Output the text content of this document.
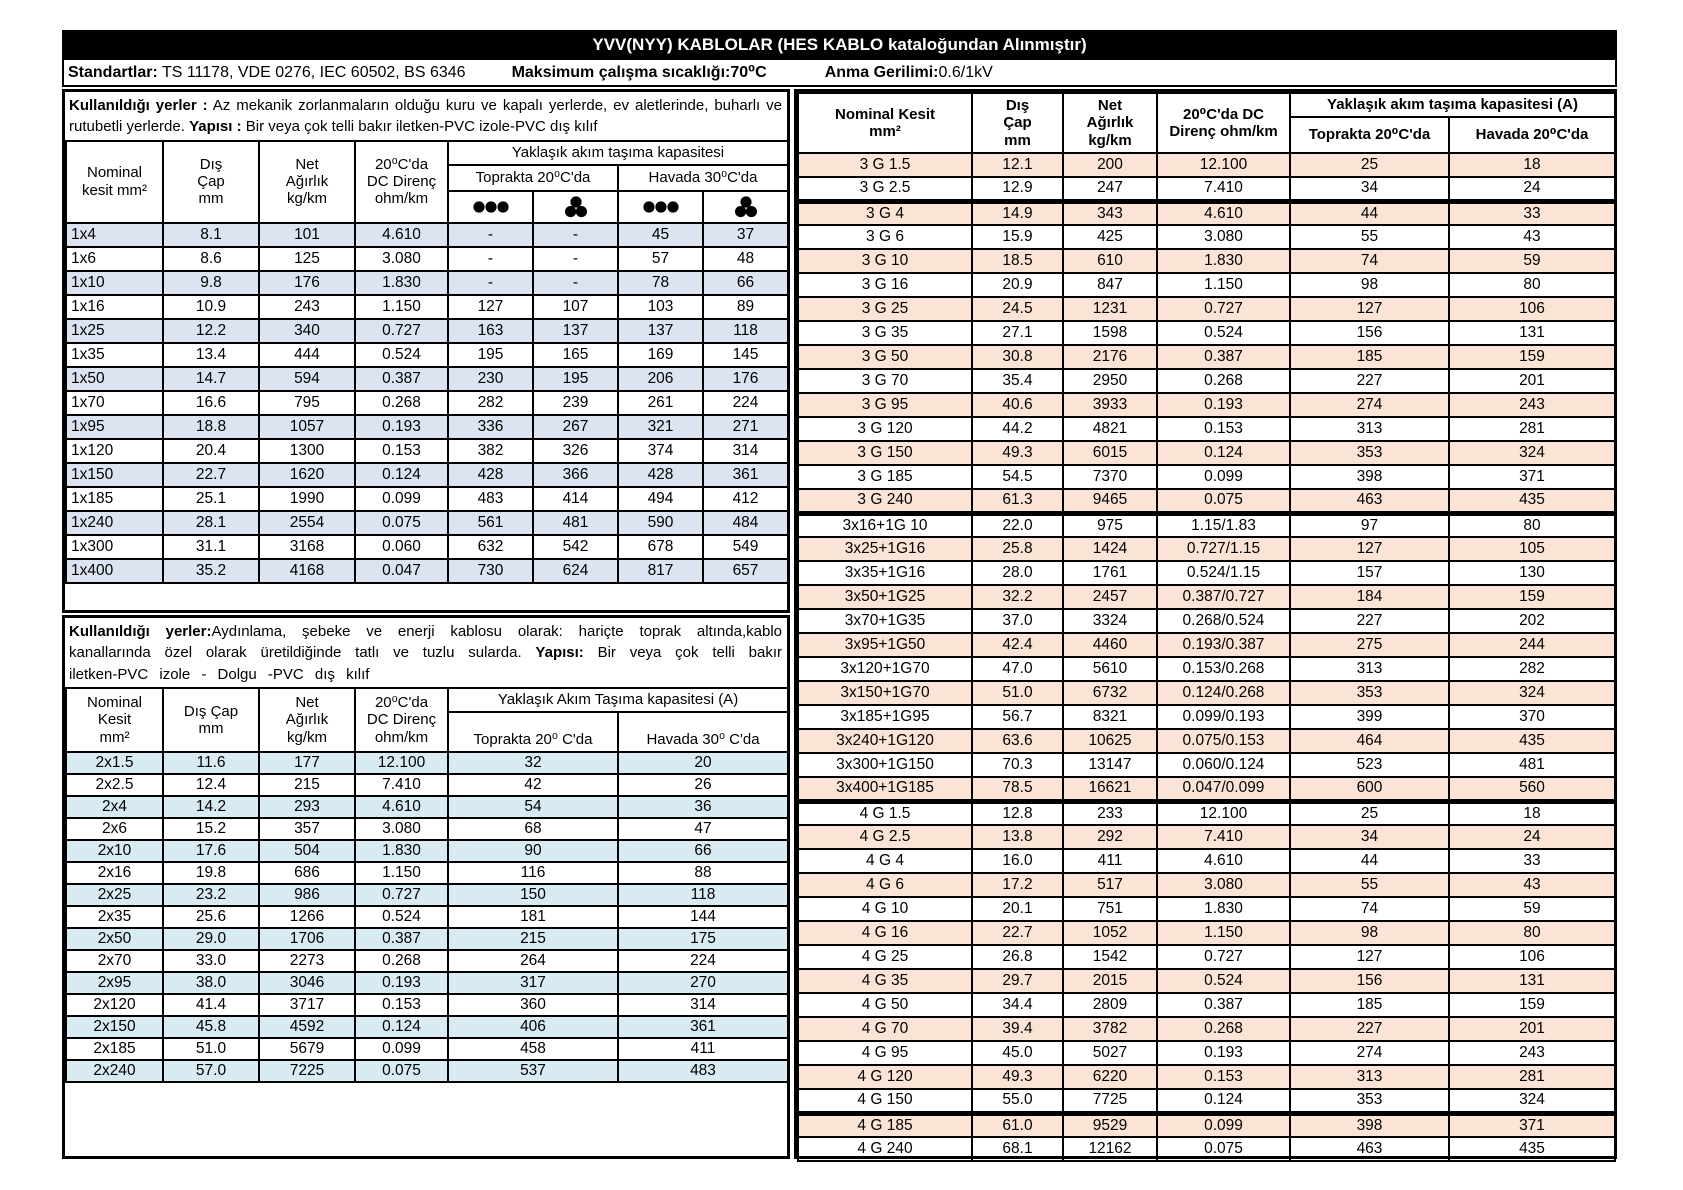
YVV(NYY) KABLOLAR (HES KABLO kataloğundan Alınmıştır)
Standartlar: TS 11178, VDE 0276, IEC 60502, BS 6346	Maksimum çalışma sıcaklığı:70⁰C	Anma Gerilimi:0.6/1kV

Kullanıldığı yerler : Az mekanik zorlanmaların olduğu kuru ve kapalı yerlerde, ev aletlerinde, buharlı ve rutubetli yerlerde. Yapısı : Bir veya çok telli bakır iletken-PVC izole-PVC dış kılıf

Nominal
kesit mm²	Dış
Çap
mm	Net
Ağırlık
kg/km	20⁰C'da
DC Direnç
ohm/km	Yaklaşık akım taşıma kapasitesi			
				Toprakta 20⁰C'da		Havada 30⁰C'da	

1x4	8.1	101	4.610	-	-	45	37
1x6	8.6	125	3.080	-	-	57	48
1x10	9.8	176	1.830	-	-	78	66
1x16	10.9	243	1.150	127	107	103	89
1x25	12.2	340	0.727	163	137	137	118
1x35	13.4	444	0.524	195	165	169	145
1x50	14.7	594	0.387	230	195	206	176
1x70	16.6	795	0.268	282	239	261	224
1x95	18.8	1057	0.193	336	267	321	271
1x120	20.4	1300	0.153	382	326	374	314
1x150	22.7	1620	0.124	428	366	428	361
1x185	25.1	1990	0.099	483	414	494	412
1x240	28.1	2554	0.075	561	481	590	484
1x300	31.1	3168	0.060	632	542	678	549
1x400	35.2	4168	0.047	730	624	817	657

Kullanıldığı yerler:Aydınlama, şebeke ve enerji kablosu olarak: hariçte toprak altında,kablo kanallarında özel olarak üretildiğinde tatlı ve tuzlu sularda. Yapısı: Bir veya çok telli bakır iletken-PVC izole - Dolgu -PVC dış kılıf

Nominal
Kesit
mm²	Dış Çap
mm	Net
Ağırlık
kg/km	20⁰C'da
DC Direnç
ohm/km	Yaklaşık Akım Taşıma kapasitesi (A)	
				Toprakta 20⁰ C'da	Havada 30⁰ C'da
2x1.5	11.6	177	12.100	32	20
2x2.5	12.4	215	7.410	42	26
2x4	14.2	293	4.610	54	36
2x6	15.2	357	3.080	68	47
2x10	17.6	504	1.830	90	66
2x16	19.8	686	1.150	116	88
2x25	23.2	986	0.727	150	118
2x35	25.6	1266	0.524	181	144
2x50	29.0	1706	0.387	215	175
2x70	33.0	2273	0.268	264	224
2x95	38.0	3046	0.193	317	270
2x120	41.4	3717	0.153	360	314
2x150	45.8	4592	0.124	406	361
2x185	51.0	5679	0.099	458	411
2x240	57.0	7225	0.075	537	483
Nominal Kesit
mm²	Dış
Çap
mm	Net
Ağırlık
kg/km	20⁰C'da DC
Direnç ohm/km	Yaklaşık akım taşıma kapasitesi (A)	
				Toprakta 20⁰C'da	Havada 20⁰C'da
3 G 1.5	12.1	200	12.100	25	18
3 G 2.5	12.9	247	7.410	34	24
3 G 4	14.9	343	4.610	44	33
3 G 6	15.9	425	3.080	55	43
3 G 10	18.5	610	1.830	74	59
3 G 16	20.9	847	1.150	98	80
3 G 25	24.5	1231	0.727	127	106
3 G 35	27.1	1598	0.524	156	131
3 G 50	30.8	2176	0.387	185	159
3 G 70	35.4	2950	0.268	227	201
3 G 95	40.6	3933	0.193	274	243
3 G 120	44.2	4821	0.153	313	281
3 G 150	49.3	6015	0.124	353	324
3 G 185	54.5	7370	0.099	398	371
3 G 240	61.3	9465	0.075	463	435
3x16+1G 10	22.0	975	1.15/1.83	97	80
3x25+1G16	25.8	1424	0.727/1.15	127	105
3x35+1G16	28.0	1761	0.524/1.15	157	130
3x50+1G25	32.2	2457	0.387/0.727	184	159
3x70+1G35	37.0	3324	0.268/0.524	227	202
3x95+1G50	42.4	4460	0.193/0.387	275	244
3x120+1G70	47.0	5610	0.153/0.268	313	282
3x150+1G70	51.0	6732	0.124/0.268	353	324
3x185+1G95	56.7	8321	0.099/0.193	399	370
3x240+1G120	63.6	10625	0.075/0.153	464	435
3x300+1G150	70.3	13147	0.060/0.124	523	481
3x400+1G185	78.5	16621	0.047/0.099	600	560
4 G 1.5	12.8	233	12.100	25	18
4 G 2.5	13.8	292	7.410	34	24
4 G 4	16.0	411	4.610	44	33
4 G 6	17.2	517	3.080	55	43
4 G 10	20.1	751	1.830	74	59
4 G 16	22.7	1052	1.150	98	80
4 G 25	26.8	1542	0.727	127	106
4 G 35	29.7	2015	0.524	156	131
4 G 50	34.4	2809	0.387	185	159
4 G 70	39.4	3782	0.268	227	201
4 G 95	45.0	5027	0.193	274	243
4 G 120	49.3	6220	0.153	313	281
4 G 150	55.0	7725	0.124	353	324
4 G 185	61.0	9529	0.099	398	371
4 G 240	68.1	12162	0.075	463	435
